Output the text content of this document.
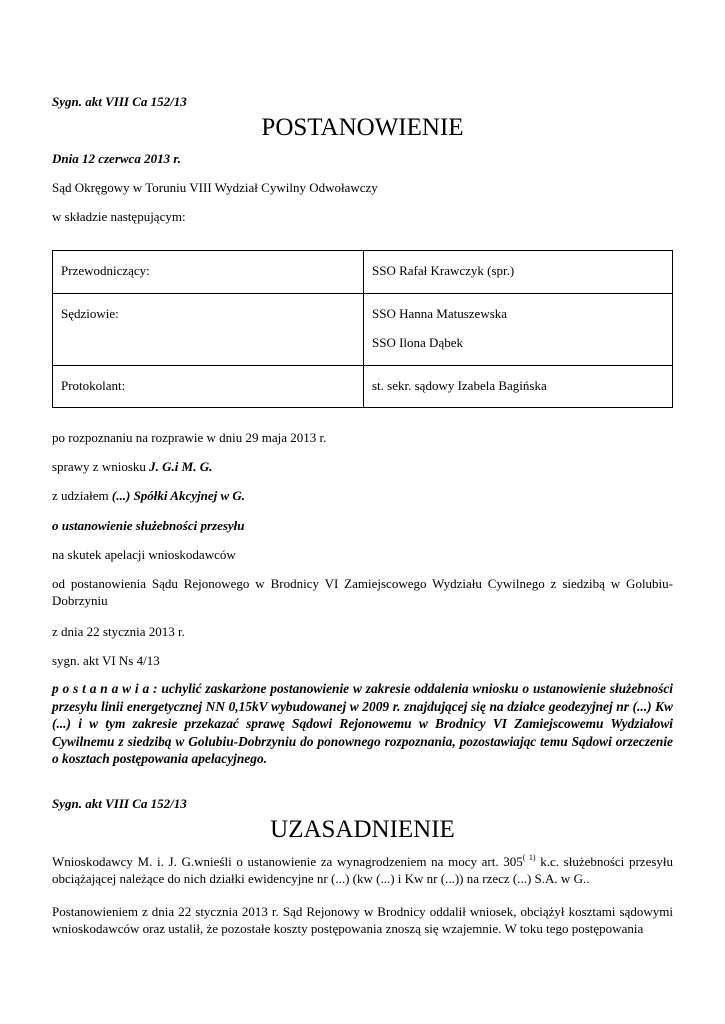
Sygn. akt VIII Ca 152/13

POSTANOWIENIE

Dnia 12 czerwca 2013 r.

Sąd Okręgowy w Toruniu VIII Wydział Cywilny Odwoławczy

w składzie następującym:

Przewodniczący:	SSO Rafał Krawczyk (spr.)

Sędziowie:	SSO Hanna Matuszewska
SSO Ilona Dąbek

Protokolant:	st. sekr. sądowy Izabela Bagińska

po rozpoznaniu na rozprawie w dniu 29 maja 2013 r.

sprawy z wniosku J. G.i M. G.

z udziałem (...) Spółki Akcyjnej w G.

o ustanowienie służebności przesyłu

na skutek apelacji wnioskodawców

od postanowienia Sądu Rejonowego w Brodnicy VI Zamiejscowego Wydziału Cywilnego z siedzibą w Golubiu-Dobrzyniu

z dnia 22 stycznia 2013 r.

sygn. akt VI Ns 4/13

p o s t a n a w i a : uchylić zaskarżone postanowienie w zakresie oddalenia wniosku o ustanowienie służebności przesyłu linii energetycznej NN 0,15kV wybudowanej w 2009 r. znajdującej się na działce geodezyjnej nr (...) Kw (...) i w tym zakresie przekazać sprawę Sądowi Rejonowemu w Brodnicy VI Zamiejscowemu Wydziałowi Cywilnemu z siedzibą w Golubiu-Dobrzyniu do ponownego rozpoznania, pozostawiając temu Sądowi orzeczenie o kosztach postępowania apelacyjnego.

Sygn. akt VIII Ca 152/13

UZASADNIENIE

Wnioskodawcy M. i. J. G.wnieśli o ustanowienie za wynagrodzeniem na mocy art. $305^{( 1)}$ k.c. służebności przesyłu obciążającej należące do nich działki ewidencyjne nr (...) (kw (...) i Kw nr (...)) na rzecz (...) S.A. w G..

Postanowieniem z dnia 22 stycznia 2013 r. Sąd Rejonowy w Brodnicy oddalił wniosek, obciążył kosztami sądowymi wnioskodawców oraz ustalił, że pozostałe koszty postępowania znoszą się wzajemnie. W toku tego postępowania
